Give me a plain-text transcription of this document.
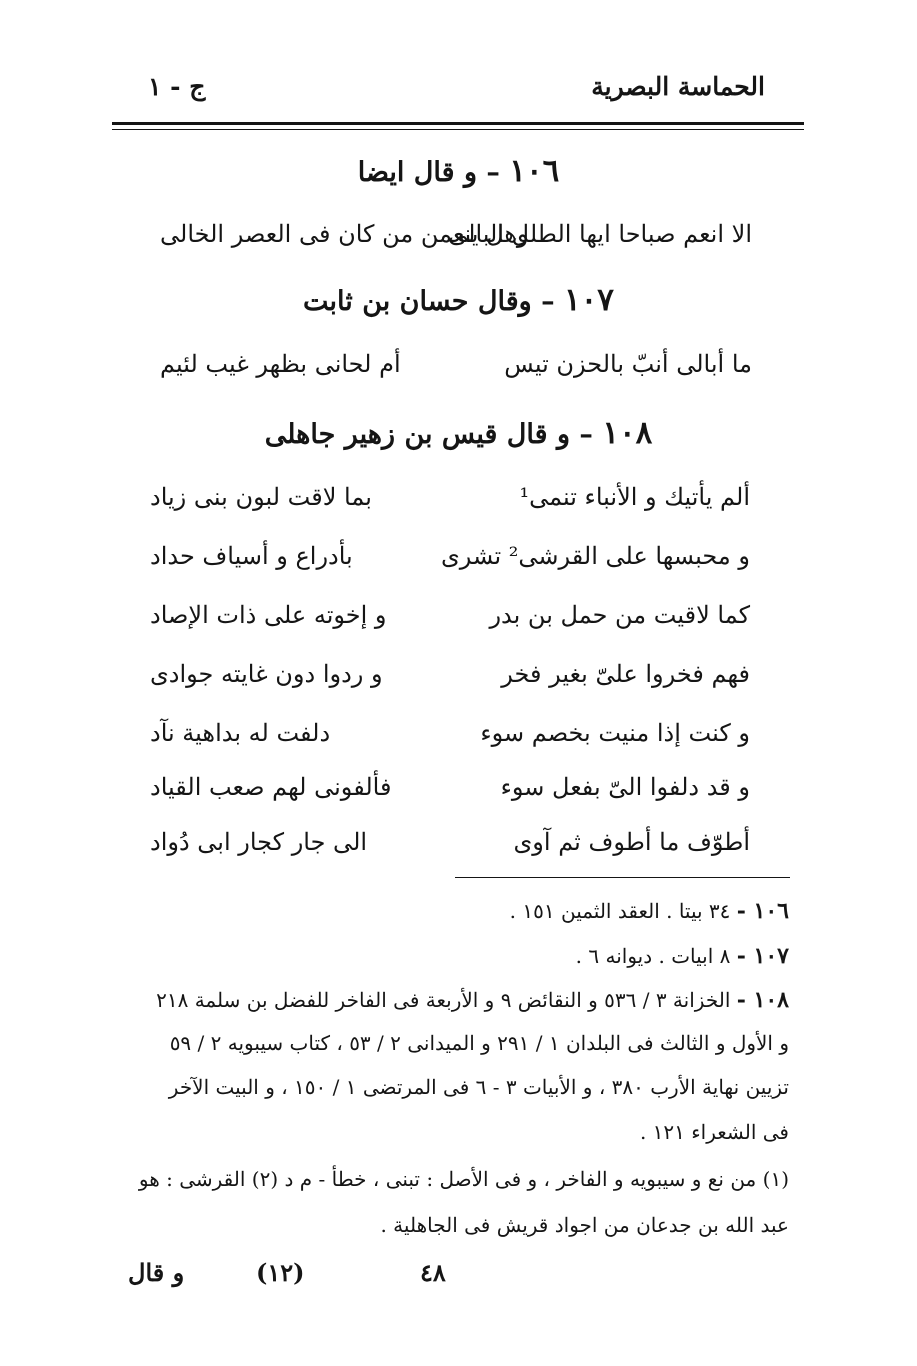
الحماسة البصرية
ج - ١
١٠٦ – و قال ايضا
الا انعم صباحا ايها الطلل البالى
وهل ينعمن من كان فى العصر الخالى
١٠٧ – وقال حسان بن ثابت
ما أبالى أنبّ بالحزن تيس
أم لحانى بظهر غيب لئيم
١٠٨ – و قال قيس بن زهير جاهلى
ألم يأتيك و الأنباء تنمى¹
بما لاقت لبون بنى زياد
و محبسها على القرشى² تشرى
بأدراع و أسياف حداد
كما لاقيت من حمل بن بدر
و إخوته على ذات الإصاد
فهم فخروا علىّ بغير فخر
و ردوا دون غايته جوادى
و كنت إذا منيت بخصم سوء
دلفت له بداهية نآد
و قد دلفوا الىّ بفعل سوء
فألفونى لهم صعب القياد
أطوّف ما أطوف ثم آوى
الى جار كجار ابى دُواد
١٠٦ - ٣٤ بيتا . العقد الثمين ١٥١ .
١٠٧ - ٨ ابيات . ديوانه ٦ .
١٠٨ - الخزانة ٣ / ٥٣٦ و النقائض ٩ و الأربعة فى الفاخر للفضل بن سلمة ٢١٨
و الأول و الثالث فى البلدان ١ / ٢٩١ و الميدانى ٢ / ٥٣ ، كتاب سيبويه ٢ / ٥٩
تزيين نهاية الأرب ٣٨٠ ، و الأبيات ٣ - ٦ فى المرتضى ١ / ١٥٠ ، و البيت الآخر
فى الشعراء ١٢١ .
(١) من نع و سيبويه و الفاخر ، و فى الأصل : تبنى ، خطأ - م د (٢) القرشى : هو
عبد الله بن جدعان من اجواد قريش فى الجاهلية .
و قال	(١٢)	٤٨
